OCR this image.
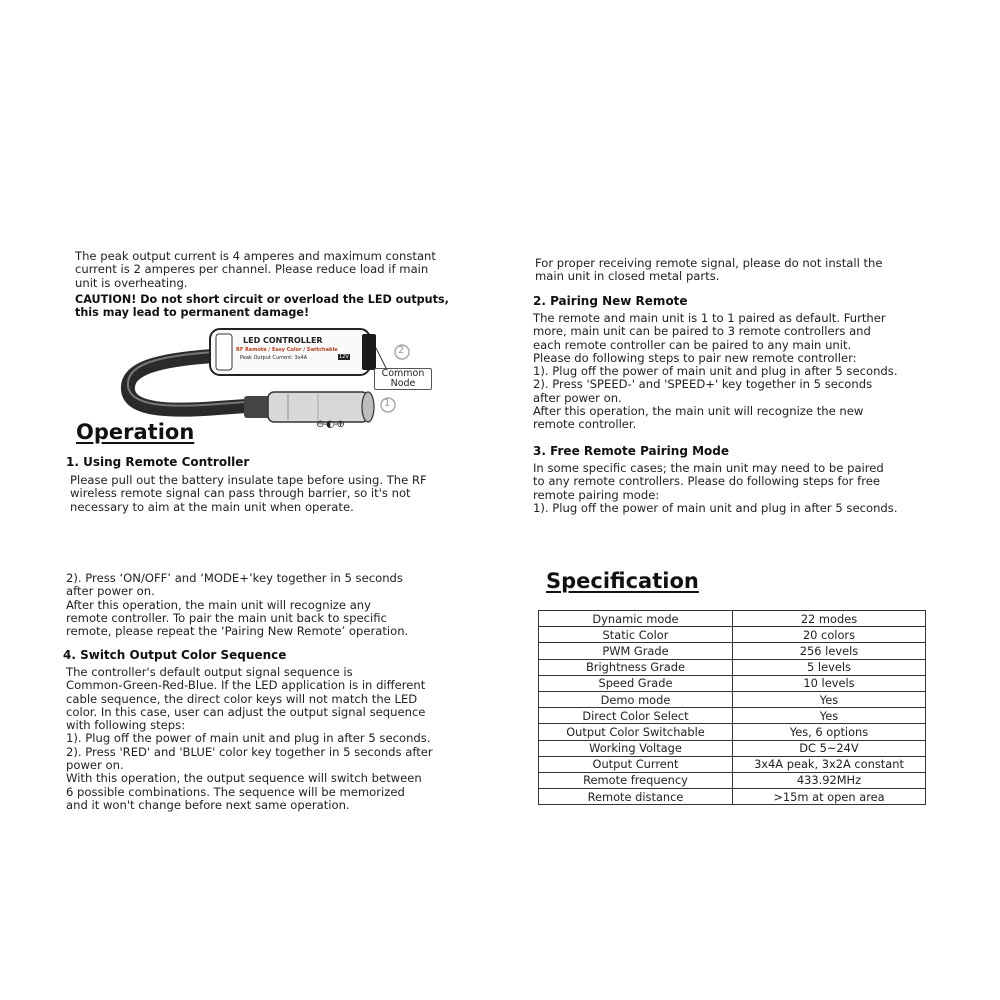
The peak output current is 4 amperes and maximum constant
current is 2 amperes per channel. Please reduce load if main
unit is overheating.
CAUTION! Do not short circuit or overload the LED outputs,
this may lead to permanent damage!
LED CONTROLLER
RF Remote / Easy Color / Switchable
Peak Output Current: 3x4A	12V
2
1
⊖-◐-⊕
Common
Node
Operation
1. Using Remote Controller
Please pull out the battery insulate tape before using. The RF
wireless remote signal can pass through barrier, so it's not
necessary to aim at the main unit when operate.
2). Press ‘ON/OFF’ and ‘MODE+’key together in 5 seconds
after power on.
After this operation, the main unit will recognize any
remote controller. To pair the main unit back to specific
remote, please repeat the ‘Pairing New Remote’ operation.
4. Switch Output Color Sequence
The controller's default output signal sequence is
Common-Green-Red-Blue. If the LED application is in different
cable sequence, the direct color keys will not match the LED
color. In this case, user can adjust the output signal sequence
with following steps:
1). Plug off the power of main unit and plug in after 5 seconds.
2). Press 'RED' and 'BLUE' color key together in 5 seconds after
power on.
With this operation, the output sequence will switch between
6 possible combinations. The sequence will be memorized
and it won't change before next same operation.
For proper receiving remote signal, please do not install the
main unit in closed metal parts.
2. Pairing New Remote
The remote and main unit is 1 to 1 paired as default. Further
more, main unit can be paired to 3 remote controllers and
each remote controller can be paired to any main unit.
Please do following steps to pair new remote controller:
1). Plug off the power of main unit and plug in after 5 seconds.
2). Press 'SPEED-' and 'SPEED+' key together in 5 seconds
after power on.
After this operation, the main unit will recognize the new
remote controller.
3. Free Remote Pairing Mode
In some specific cases; the main unit may need to be paired
to any remote controllers. Please do following steps for free
remote pairing mode:
1). Plug off the power of main unit and plug in after 5 seconds.
Specification
Dynamic mode	22 modes
Static Color	20 colors
PWM Grade	256 levels
Brightness Grade	5 levels
Speed Grade	10 levels
Demo mode	Yes
Direct Color Select	Yes
Output Color Switchable	Yes, 6 options
Working Voltage	DC 5~24V
Output Current	3x4A peak, 3x2A constant
Remote frequency	433.92MHz
Remote distance	>15m at open area
